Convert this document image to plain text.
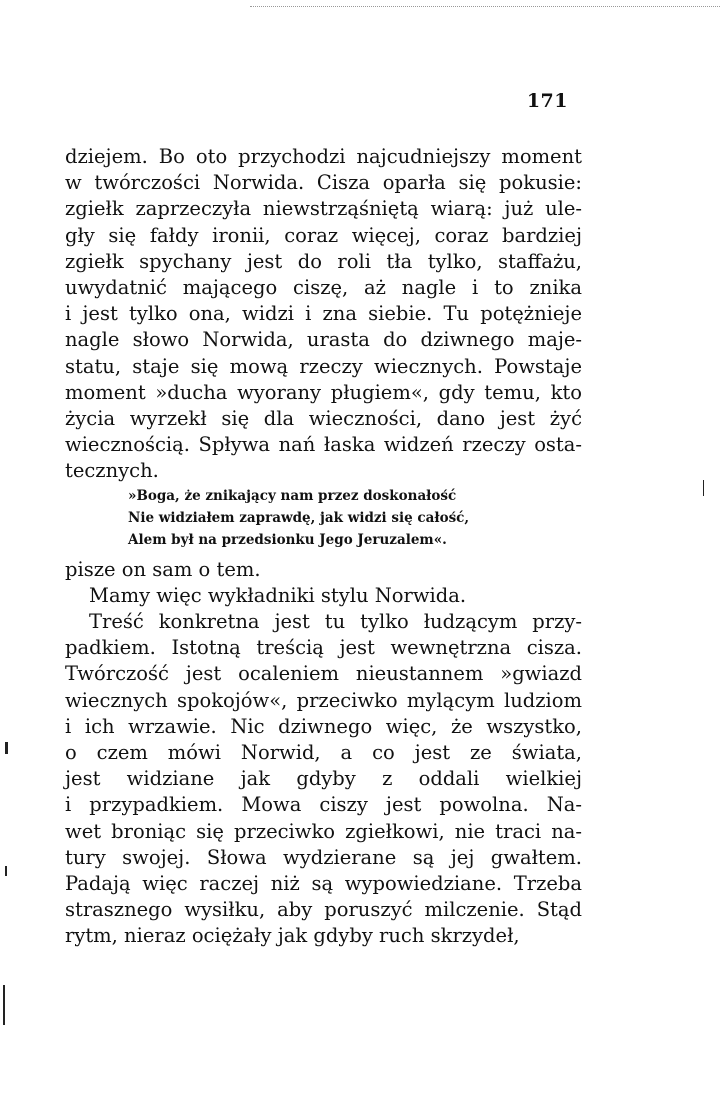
171
dziejem. Bo oto przychodzi najcudniejszy moment
w twórczości Norwida. Cisza oparła się pokusie:
zgiełk zaprzeczyła niewstrząśniętą wiarą: już ule-
gły się fałdy ironii, coraz więcej, coraz bardziej
zgiełk spychany jest do roli tła tylko, staffażu,
uwydatnić mającego ciszę, aż nagle i to znika
i jest tylko ona, widzi i zna siebie. Tu potężnieje
nagle słowo Norwida, urasta do dziwnego maje-
statu, staje się mową rzeczy wiecznych. Powstaje
moment »ducha wyorany pługiem«, gdy temu, kto
życia wyrzekł się dla wieczności, dano jest żyć
wiecznością. Spływa nań łaska widzeń rzeczy osta-
tecznych.
»Boga, że znikający nam przez doskonałość
Nie widziałem zaprawdę, jak widzi się całość,
Alem był na przedsionku Jego Jeruzalem«.
pisze on sam o tem.
Mamy więc wykładniki stylu Norwida.
Treść konkretna jest tu tylko łudzącym przy-
padkiem. Istotną treścią jest wewnętrzna cisza.
Twórczość jest ocaleniem nieustannem »gwiazd
wiecznych spokojów«, przeciwko mylącym ludziom
i ich wrzawie. Nic dziwnego więc, że wszystko,
o czem mówi Norwid, a co jest ze świata,
jest widziane jak gdyby z oddali wielkiej
i przypadkiem. Mowa ciszy jest powolna. Na-
wet broniąc się przeciwko zgiełkowi, nie traci na-
tury swojej. Słowa wydzierane są jej gwałtem.
Padają więc raczej niż są wypowiedziane. Trzeba
strasznego wysiłku, aby poruszyć milczenie. Stąd
rytm, nieraz ociężały jak gdyby ruch skrzydeł,
